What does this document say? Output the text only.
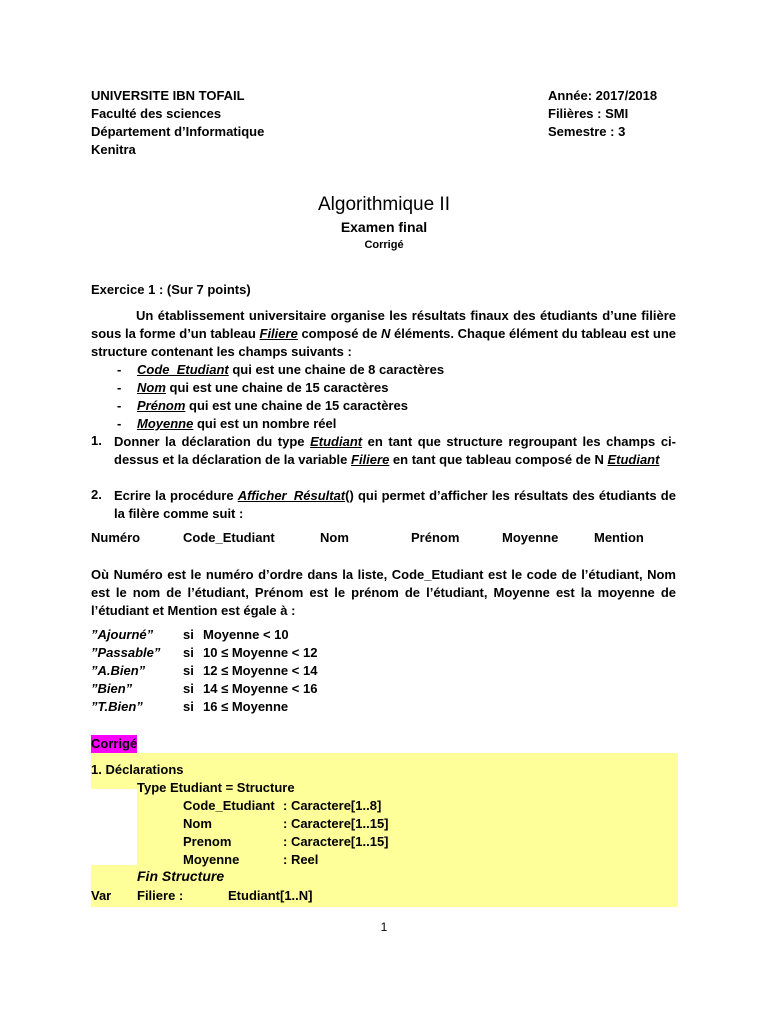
UNIVERSITE IBN TOFAIL
Faculté des sciences
Département d’Informatique
Kenitra
Année: 2017/2018
Filières : SMI
Semestre : 3
Algorithmique II
Examen final
Corrigé
Exercice 1 : (Sur 7 points)
Un établissement universitaire organise les résultats finaux des étudiants d’une filière sous la forme d’un tableau Filiere composé de N éléments. Chaque élément du tableau est une structure contenant les champs suivants :
- Code_Etudiant qui est une chaine de 8 caractères
- Nom qui est une chaine de 15 caractères
- Prénom qui est une chaine de 15 caractères
- Moyenne qui est un nombre réel
1. Donner la déclaration du type Etudiant en tant que structure regroupant les champs ci-dessus et la déclaration de la variable Filiere en tant que tableau composé de N Etudiant
2. Ecrire la procédure Afficher_Résultat() qui permet d’afficher les résultats des étudiants de la filère comme suit :
Numéro	Code_Etudiant	Nom	Prénom	Moyenne	Mention
Où Numéro est le numéro d’ordre dans la liste, Code_Etudiant est le code de l’étudiant, Nom est le nom de l’étudiant, Prénom est le prénom de l’étudiant, Moyenne est la moyenne de l’étudiant et Mention est égale à :
”Ajourné” si Moyenne < 10
”Passable” si 10 ≤ Moyenne < 12
”A.Bien”	si 12 ≤ Moyenne < 14
”Bien”	si 14 ≤ Moyenne < 16
”T.Bien”	si 16 ≤ Moyenne
Corrigé
1. Déclarations
Type Etudiant = Structure
Code_Etudiant : Caractere[1..8]
Nom	: Caractere[1..15]
Prenom	: Caractere[1..15]
Moyenne	: Reel
Fin Structure
Var Filiere :	Etudiant[1..N]
1
